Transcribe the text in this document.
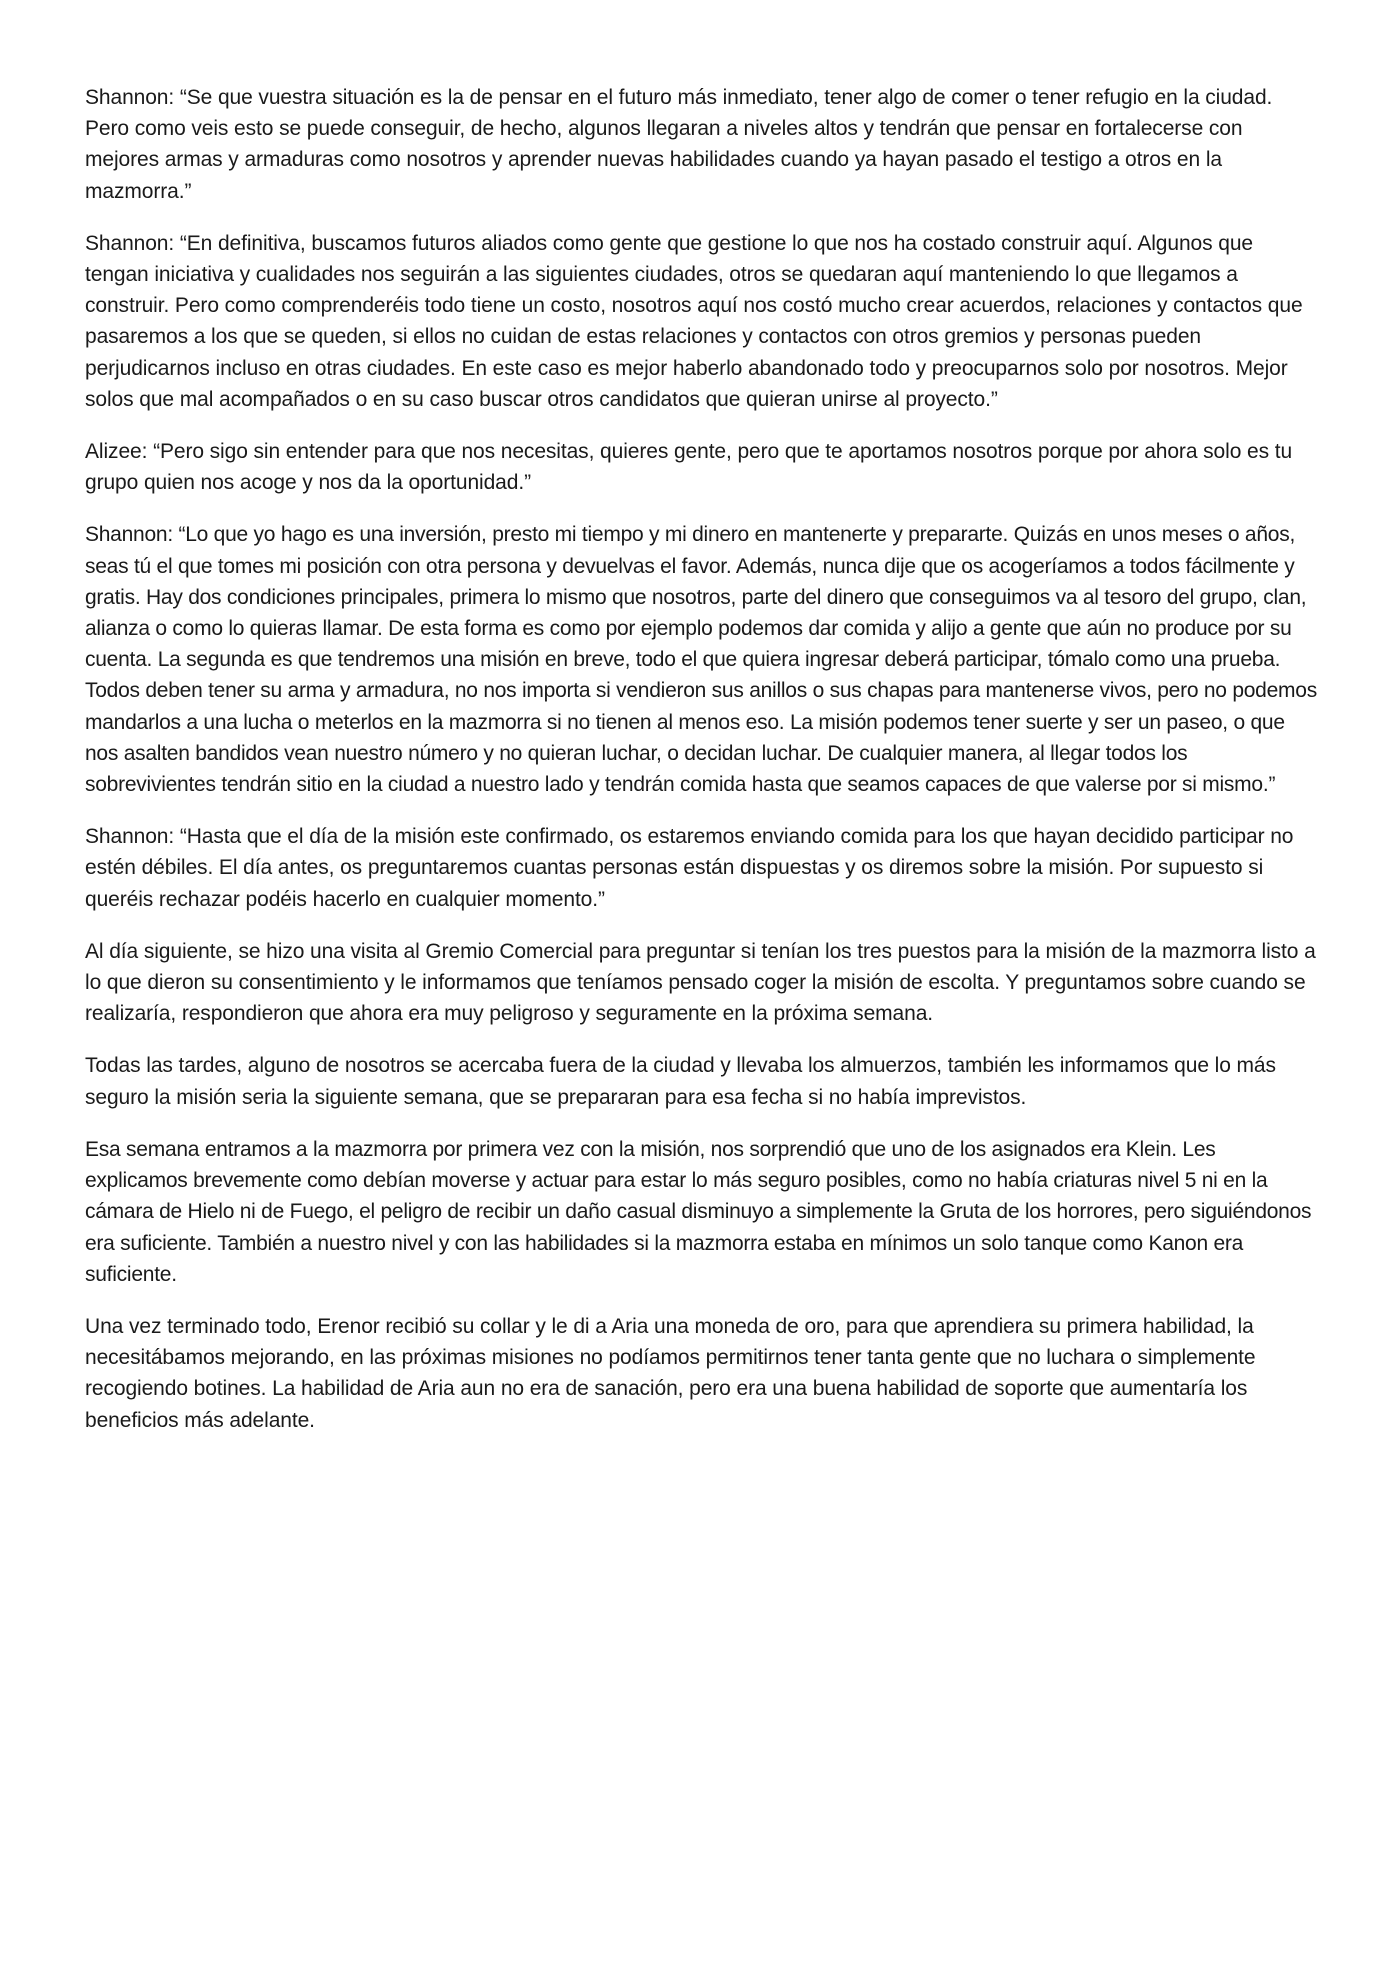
Shannon: “Se que vuestra situación es la de pensar en el futuro más inmediato, tener algo de comer o tener refugio en la ciudad. Pero como veis esto se puede conseguir, de hecho, algunos llegaran a niveles altos y tendrán que pensar en fortalecerse con mejores armas y armaduras como nosotros y aprender nuevas habilidades cuando ya hayan pasado el testigo a otros en la mazmorra.”

Shannon: “En definitiva, buscamos futuros aliados como gente que gestione lo que nos ha costado construir aquí. Algunos que tengan iniciativa y cualidades nos seguirán a las siguientes ciudades, otros se quedaran aquí manteniendo lo que llegamos a construir. Pero como comprenderéis todo tiene un costo, nosotros aquí nos costó mucho crear acuerdos, relaciones y contactos que pasaremos a los que se queden, si ellos no cuidan de estas relaciones y contactos con otros gremios y personas pueden perjudicarnos incluso en otras ciudades. En este caso es mejor haberlo abandonado todo y preocuparnos solo por nosotros. Mejor solos que mal acompañados o en su caso buscar otros candidatos que quieran unirse al proyecto.”

Alizee: “Pero sigo sin entender para que nos necesitas, quieres gente, pero que te aportamos nosotros porque por ahora solo es tu grupo quien nos acoge y nos da la oportunidad.”

Shannon: “Lo que yo hago es una inversión, presto mi tiempo y mi dinero en mantenerte y prepararte. Quizás en unos meses o años, seas tú el que tomes mi posición con otra persona y devuelvas el favor. Además, nunca dije que os acogeríamos a todos fácilmente y gratis. Hay dos condiciones principales, primera lo mismo que nosotros, parte del dinero que conseguimos va al tesoro del grupo, clan, alianza o como lo quieras llamar. De esta forma es como por ejemplo podemos dar comida y alijo a gente que aún no produce por su cuenta. La segunda es que tendremos una misión en breve, todo el que quiera ingresar deberá participar, tómalo como una prueba. Todos deben tener su arma y armadura, no nos importa si vendieron sus anillos o sus chapas para mantenerse vivos, pero no podemos mandarlos a una lucha o meterlos en la mazmorra si no tienen al menos eso. La misión podemos tener suerte y ser un paseo, o que nos asalten bandidos vean nuestro número y no quieran luchar, o decidan luchar. De cualquier manera, al llegar todos los sobrevivientes tendrán sitio en la ciudad a nuestro lado y tendrán comida hasta que seamos capaces de que valerse por si mismo.”

Shannon: “Hasta que el día de la misión este confirmado, os estaremos enviando comida para los que hayan decidido participar no estén débiles. El día antes, os preguntaremos cuantas personas están dispuestas y os diremos sobre la misión. Por supuesto si queréis rechazar podéis hacerlo en cualquier momento.”

Al día siguiente, se hizo una visita al Gremio Comercial para preguntar si tenían los tres puestos para la misión de la mazmorra listo a lo que dieron su consentimiento y le informamos que teníamos pensado coger la misión de escolta. Y preguntamos sobre cuando se realizaría, respondieron que ahora era muy peligroso y seguramente en la próxima semana.

Todas las tardes, alguno de nosotros se acercaba fuera de la ciudad y llevaba los almuerzos, también les informamos que lo más seguro la misión seria la siguiente semana, que se prepararan para esa fecha si no había imprevistos.

Esa semana entramos a la mazmorra por primera vez con la misión, nos sorprendió que uno de los asignados era Klein. Les explicamos brevemente como debían moverse y actuar para estar lo más seguro posibles, como no había criaturas nivel 5 ni en la cámara de Hielo ni de Fuego, el peligro de recibir un daño casual disminuyo a simplemente la Gruta de los horrores, pero siguiéndonos era suficiente. También a nuestro nivel y con las habilidades si la mazmorra estaba en mínimos un solo tanque como Kanon era suficiente.

Una vez terminado todo, Erenor recibió su collar y le di a Aria una moneda de oro, para que aprendiera su primera habilidad, la necesitábamos mejorando, en las próximas misiones no podíamos permitirnos tener tanta gente que no luchara o simplemente recogiendo botines. La habilidad de Aria aun no era de sanación, pero era una buena habilidad de soporte que aumentaría los beneficios más adelante.
